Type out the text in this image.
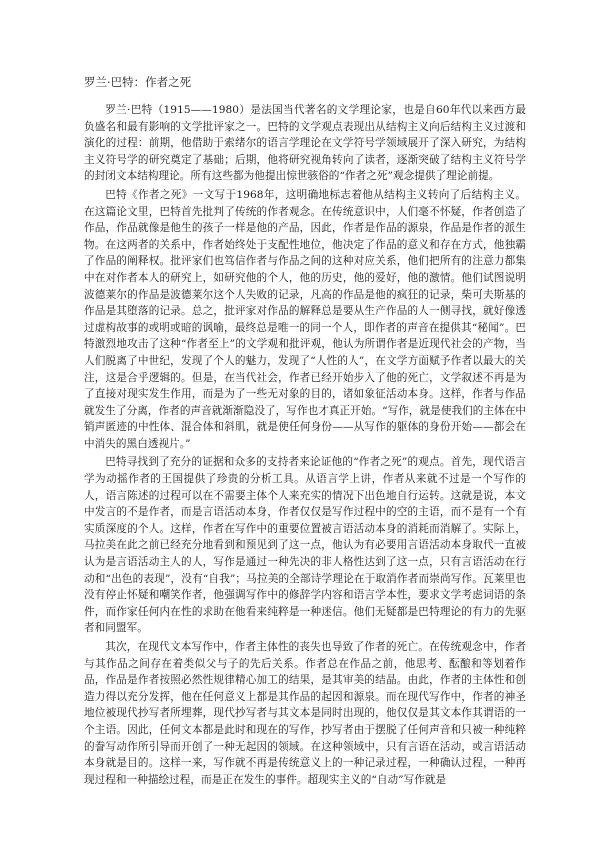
罗兰·巴特：作者之死

罗兰·巴特（1915——1980）是法国当代著名的文学理论家，也是自60年代以来西方最负盛名和最有影响的文学批评家之一。巴特的文学观点表现出从结构主义向后结构主义过渡和演化的过程：前期，他借助于索绪尔的语言学理论在文学符号学领域展开了深入研究，为结构主义符号学的研究奠定了基础；后期，他将研究视角转向了读者，逐渐突破了结构主义符号学的封闭文本结构理论。所有这些都为他提出惊世骇俗的“作者之死”观念提供了理论前提。

巴特《作者之死》一文写于1968年，这明确地标志着他从结构主义转向了后结构主义。在这篇论文里，巴特首先批判了传统的作者观念。在传统意识中，人们毫不怀疑，作者创造了作品，作品就像是他生的孩子一样是他的产品，因此，作者是作品的源泉，作品是作者的派生物。在这两者的关系中，作者始终处于支配性地位，他决定了作品的意义和存在方式，他独霸了作品的阐释权。批评家们也笃信作者与作品之间的这种对应关系，他们把所有的注意力都集中在对作者本人的研究上，如研究他的个人，他的历史，他的爱好，他的激情。他们试图说明波德莱尔的作品是波德莱尔这个人失败的记录，凡高的作品是他的疯狂的记录，柴可夫斯基的作品是其堕落的记录。总之，批评家对作品的解释总是要从生产作品的人一侧寻找，就好像透过虚构故事的或明或暗的讽喻，最终总是唯一的同一个人，即作者的声音在提供其“秘闻”。巴特激烈地攻击了这种“作者至上”的文学观和批评观，他认为所谓作者是近现代社会的产物，当人们脱离了中世纪，发现了个人的魅力，发现了“人性的人”，在文学方面赋予作者以最大的关注，这是合乎逻辑的。但是，在当代社会，作者已经开始步入了他的死亡，文学叙述不再是为了直接对现实发生作用，而是为了一些无对象的目的，诸如象征活动本身。这样，作者与作品就发生了分离，作者的声音就渐渐隐没了，写作也才真正开始。“写作，就是使我们的主体在中销声匿迹的中性体、混合体和斜肌，就是使任何身份——从写作的躯体的身份开始——都会在中消失的黑白透视片。”

巴特寻找到了充分的证据和众多的支持者来论证他的“作者之死”的观点。首先，现代语言学为动摇作者的王国提供了珍贵的分析工具。从语言学上讲，作者从来就不过是一个写作的人，语言陈述的过程可以在不需要主体个人来充实的情况下出色地自行运转。这就是说，本文中发言的不是作者，而是言语活动本身，作者仅仅是写作过程中的空的主语，而不是有一个有实质深度的个人。这样，作者在写作中的重要位置被言语活动本身的消耗而消解了。实际上，马拉美在此之前已经充分地看到和预见到了这一点，他认为有必要用言语活动本身取代一直被认为是言语活动主人的人，写作是通过一种先决的非人格性达到了这一点，只有言语活动在行动和“出色的表现”，没有“自我”；马拉美的全部诗学理论在于取消作者而崇尚写作。瓦莱里也没有停止怀疑和嘲笑作者，他强调写作中的修辞学内容和语言学本性，要求文学考虑词语的条件，而作家任何内在性的求助在他看来纯粹是一种迷信。他们无疑都是巴特理论的有力的先驱者和同盟军。

其次，在现代文本写作中，作者主体性的丧失也导致了作者的死亡。在传统观念中，作者与其作品之间存在着类似父与子的先后关系。作者总在作品之前，他思考、酝酿和等划着作品，作品是作者按照必然性规律精心加工的结果，是其审美的结晶。由此，作者的主体性和创造力得以充分发挥，他在任何意义上都是其作品的起因和源泉。而在现代写作中，作者的神圣地位被现代抄写者所埋葬，现代抄写者与其文本是同时出现的，他仅仅是其文本作其谓语的一个主语。因此，任何文本都是此时和现在的写作，抄写者由于摆脱了任何声音和只被一种纯粹的誊写动作所引导而开创了一种无起因的领域。在这种领域中，只有言语在活动，或言语活动本身就是目的。这样一来，写作就不再是传统意义上的一种记录过程，一种确认过程，一种再现过程和一种描绘过程，而是正在发生的事件。超现实主义的“自动”写作就是
